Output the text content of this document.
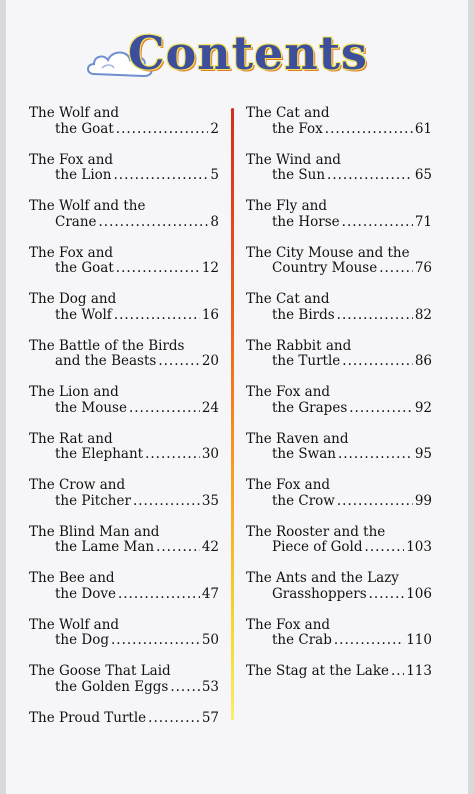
Contents

The Wolf and
the Goat .....	2

The Fox and
the Lion .....	5

The Wolf and the
Crane .....	8

The Fox and
the Goat .....	12

The Dog and
the Wolf .....	16

The Battle of the Birds
and the Beasts .....	20

The Lion and
the Mouse .....	24

The Rat and
the Elephant .....	30

The Crow and
the Pitcher .....	35

The Blind Man and
the Lame Man .....	42

The Bee and
the Dove .....	47

The Wolf and
the Dog .....	50

The Goose That Laid
the Golden Eggs ..... 53

The Proud Turtle .....	57

The Cat and
the Fox .....	61

The Wind and
the Sun .....	65

The Fly and
the Horse .....	71

The City Mouse and the
Country Mouse .....	76

The Cat and
the Birds .....	82

The Rabbit and
the Turtle .....	86

The Fox and
the Grapes .....	92

The Raven and
the Swan .....	95

The Fox and
the Crow .....	99

The Rooster and the
Piece of Gold .....	103

The Ants and the Lazy
Grasshoppers .....	106

The Fox and
the Crab .....	110

The Stag at the Lake ..... 113
